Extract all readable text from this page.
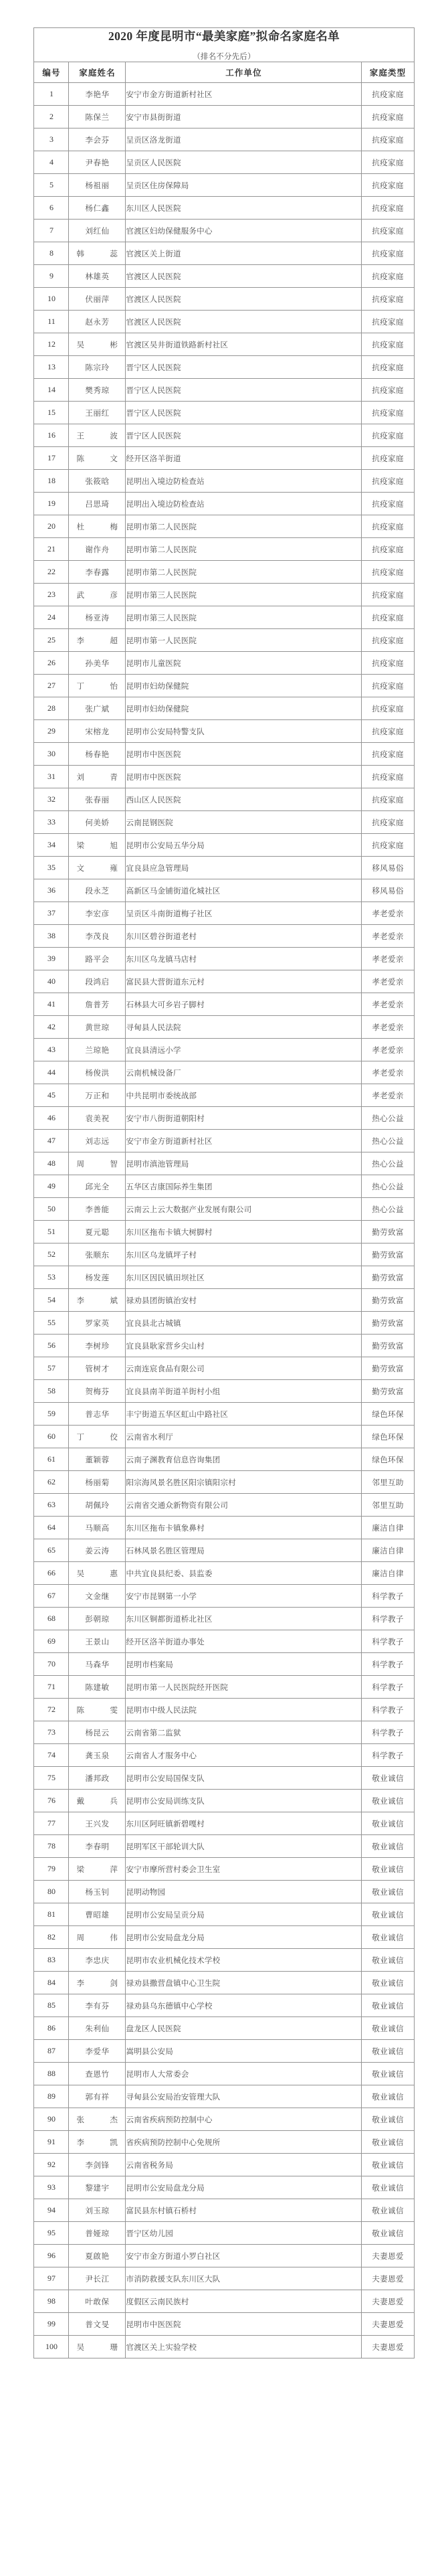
2020 年度昆明市“最美家庭”拟命名家庭名单
（排名不分先后）			

编号	家庭姓名	工作单位	家庭类型
1	李艳华	安宁市金方街道新村社区	抗疫家庭
2	陈保兰	安宁市县街街道	抗疫家庭
3	李会芬	呈贡区洛龙街道	抗疫家庭
4	尹春艳	呈贡区人民医院	抗疫家庭
5	杨祖丽	呈贡区住房保障局	抗疫家庭
6	杨仁鑫	东川区人民医院	抗疫家庭
7	刘红仙	官渡区妇幼保健服务中心	抗疫家庭
8	韩 蕊	官渡区关上街道	抗疫家庭
9	林雄英	官渡区人民医院	抗疫家庭
10	伏丽萍	官渡区人民医院	抗疫家庭
11	赵永芳	官渡区人民医院	抗疫家庭
12	吴 彬	官渡区吴井街道铁路新村社区	抗疫家庭
13	陈宗玲	晋宁区人民医院	抗疫家庭
14	樊秀琼	晋宁区人民医院	抗疫家庭
15	王丽红	晋宁区人民医院	抗疫家庭
16	王 波	晋宁区人民医院	抗疫家庭
17	陈 文	经开区洛羊街道	抗疫家庭
18	张筱晗	昆明出入境边防检查站	抗疫家庭
19	吕思琦	昆明出入境边防检查站	抗疫家庭
20	杜 梅	昆明市第二人民医院	抗疫家庭
21	谢作舟	昆明市第二人民医院	抗疫家庭
22	李春露	昆明市第二人民医院	抗疫家庭
23	武 彦	昆明市第三人民医院	抗疫家庭
24	杨亚涛	昆明市第三人民医院	抗疫家庭
25	李 超	昆明市第一人民医院	抗疫家庭
26	孙美华	昆明市儿童医院	抗疫家庭
27	丁 怡	昆明市妇幼保健院	抗疫家庭
28	张广斌	昆明市妇幼保健院	抗疫家庭
29	宋榕龙	昆明市公安局特警支队	抗疫家庭
30	杨春艳	昆明市中医医院	抗疫家庭
31	刘 青	昆明市中医医院	抗疫家庭
32	张春丽	西山区人民医院	抗疫家庭
33	何美娇	云南昆钢医院	抗疫家庭
34	梁 旭	昆明市公安局五华分局	抗疫家庭
35	文 雍	宜良县应急管理局	移风易俗
36	段永芝	高新区马金铺街道化城社区	移风易俗
37	李宏彦	呈贡区斗南街道梅子社区	孝老爱亲
38	李茂良	东川区碧谷街道老村	孝老爱亲
39	路平会	东川区乌龙镇马店村	孝老爱亲
40	段鸿启	富民县大营街道东元村	孝老爱亲
41	詹普芳	石林县大可乡岩子脚村	孝老爱亲
42	黄世琼	寻甸县人民法院	孝老爱亲
43	兰琼艳	宜良县清远小学	孝老爱亲
44	杨俊洪	云南机械设备厂	孝老爱亲
45	万正和	中共昆明市委统战部	孝老爱亲
46	袁美祝	安宁市八街街道朝阳村	热心公益
47	刘志远	安宁市金方街道新村社区	热心公益
48	周 智	昆明市滇池管理局	热心公益
49	邱光全	五华区吉康国际养生集团	热心公益
50	李善能	云南云上云大数据产业发展有限公司	热心公益
51	夏元聪	东川区拖布卡镇大树脚村	勤劳致富
52	张顺东	东川区乌龙镇坪子村	勤劳致富
53	杨发莲	东川区因民镇田坝社区	勤劳致富
54	李 斌	禄劝县团街镇治安村	勤劳致富
55	罗家英	宜良县北古城镇	勤劳致富
56	李树珍	宜良县耿家营乡尖山村	勤劳致富
57	管树才	云南连宸食品有限公司	勤劳致富
58	贺梅芬	宜良县南羊街道羊街村小组	勤劳致富
59	普志华	丰宁街道五华区虹山中路社区	绿色环保
60	丁 佼	云南省水利厅	绿色环保
61	董颖蓉	云南子渊教育信息咨询集团	绿色环保
62	杨丽菊	阳宗海风景名胜区阳宗镇阳宗村	邻里互助
63	胡佩玲	云南省交通众新物资有限公司	邻里互助
64	马顺高	东川区拖布卡镇象鼻村	廉洁自律
65	姜云涛	石林风景名胜区管理局	廉洁自律
66	吴 惠	中共宜良县纪委、县监委	廉洁自律
67	文金继	安宁市昆钢第一小学	科学教子
68	彭朝琼	东川区铜都街道桥北社区	科学教子
69	王景山	经开区洛羊街道办事处	科学教子
70	马森华	昆明市档案局	科学教子
71	陈建敏	昆明市第一人民医院经开医院	科学教子
72	陈 雯	昆明市中级人民法院	科学教子
73	杨昆云	云南省第二监狱	科学教子
74	龚玉泉	云南省人才服务中心	科学教子
75	潘邦政	昆明市公安局国保支队	敬业诚信
76	戴 兵	昆明市公安局训练支队	敬业诚信
77	王兴发	东川区阿旺镇新碧嘎村	敬业诚信
78	李春明	昆明军区干部轮训大队	敬业诚信
79	梁 萍	安宁市摩所营村委会卫生室	敬业诚信
80	杨玉钊	昆明动物园	敬业诚信
81	曹昭雄	昆明市公安局呈贡分局	敬业诚信
82	周 伟	昆明市公安局盘龙分局	敬业诚信
83	李忠庆	昆明市农业机械化技术学校	敬业诚信
84	李 剑	禄劝县撒营盘镇中心卫生院	敬业诚信
85	李有芬	禄劝县乌东德镇中心学校	敬业诚信
86	朱利仙	盘龙区人民医院	敬业诚信
87	李爱华	嵩明县公安局	敬业诚信
88	查恩竹	昆明市人大常委会	敬业诚信
89	郭有祥	寻甸县公安局治安管理大队	敬业诚信
90	张 杰	云南省疾病预防控制中心	敬业诚信
91	李 凯	省疾病预防控制中心免规所	敬业诚信
92	李剑锋	云南省税务局	敬业诚信
93	黎建宇	昆明市公安局盘龙分局	敬业诚信
94	刘玉琼	富民县东村镇石桥村	敬业诚信
95	普娅琼	晋宁区幼儿园	敬业诚信
96	夏啟艳	安宁市金方街道小罗白社区	夫妻恩爱
97	尹长江	市消防救援支队东川区大队	夫妻恩爱
98	叶敢保	度假区云南民族村	夫妻恩爱
99	普文旻	昆明市中医医院	夫妻恩爱
100	吴 珊	官渡区关上实验学校	夫妻恩爱
